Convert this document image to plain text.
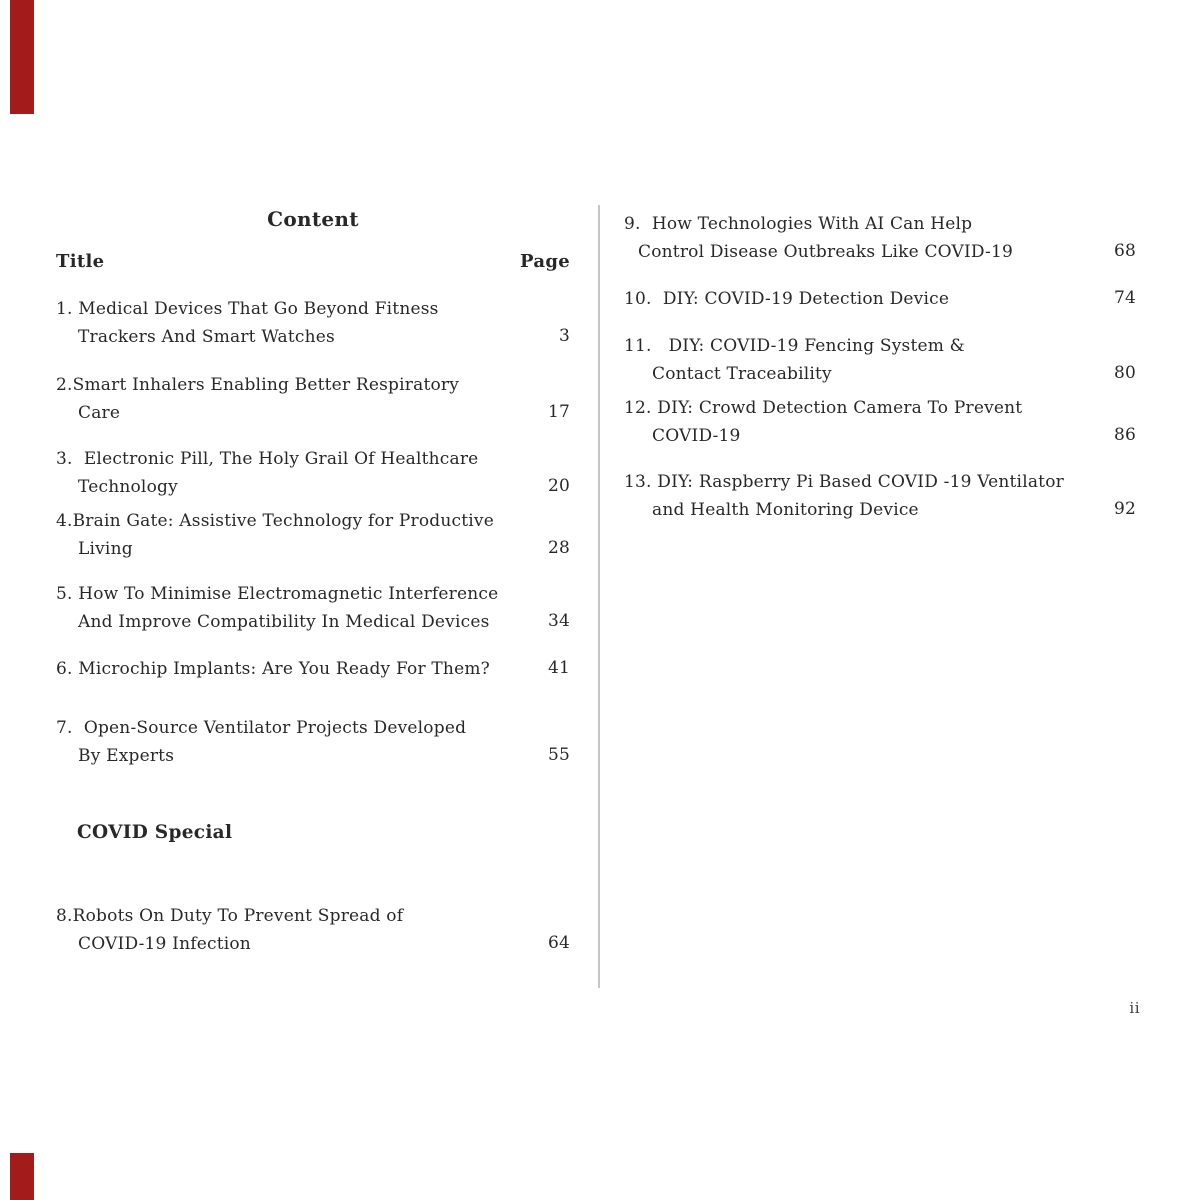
Content
Title	Page
1. Medical Devices That Go Beyond Fitness
Trackers And Smart Watches	3
2.Smart Inhalers Enabling Better Respiratory
Care	17
3.  Electronic Pill, The Holy Grail Of Healthcare
Technology	20
4.Brain Gate: Assistive Technology for Productive
Living	28
5. How To Minimise Electromagnetic Interference
And Improve Compatibility In Medical Devices	34
6. Microchip Implants: Are You Ready For Them?	41
7.  Open-Source Ventilator Projects Developed
By Experts	55
COVID Special
8.Robots On Duty To Prevent Spread of
COVID-19 Infection	64
9.  How Technologies With AI Can Help
Control Disease Outbreaks Like COVID-19	68
10.  DIY: COVID-19 Detection Device	74
11.   DIY: COVID-19 Fencing System &
Contact Traceability	80
12. DIY: Crowd Detection Camera To Prevent
COVID-19	86
13. DIY: Raspberry Pi Based COVID -19 Ventilator
and Health Monitoring Device	92
ii
